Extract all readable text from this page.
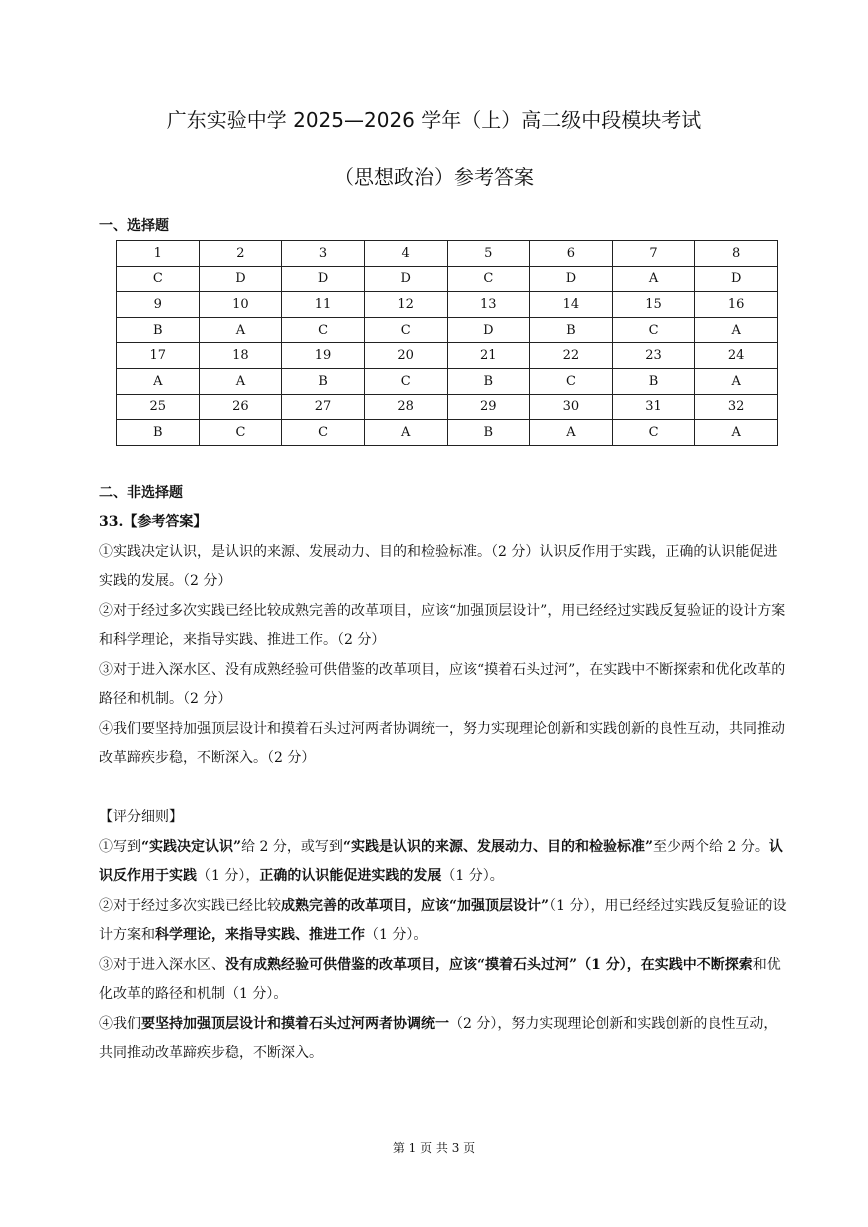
广东实验中学 2025—2026 学年（上）高二级中段模块考试
（思想政治）参考答案
一、选择题
1	2	3	4	5	6	7	8
C	D	D	D	C	D	A	D
9	10	11	12	13	14	15	16
B	A	C	C	D	B	C	A
17	18	19	20	21	22	23	24
A	A	B	C	B	C	B	A
25	26	27	28	29	30	31	32
B	C	C	A	B	A	C	A
二、非选择题

33.【参考答案】

①实践决定认识，是认识的来源、发展动力、目的和检验标准。（2 分）认识反作用于实践，正确的认识能促进实践的发展。（2 分）

②对于经过多次实践已经比较成熟完善的改革项目，应该“加强顶层设计”，用已经经过实践反复验证的设计方案和科学理论，来指导实践、推进工作。（2 分）

③对于进入深水区、没有成熟经验可供借鉴的改革项目，应该“摸着石头过河”，在实践中不断探索和优化改革的路径和机制。（2 分）

④我们要坚持加强顶层设计和摸着石头过河两者协调统一，努力实现理论创新和实践创新的良性互动，共同推动改革蹄疾步稳，不断深入。（2 分）

【评分细则】

①写到“实践决定认识”给 2 分，或写到“实践是认识的来源、发展动力、目的和检验标准”至少两个给 2 分。认识反作用于实践（1 分），正确的认识能促进实践的发展（1 分）。

②对于经过多次实践已经比较成熟完善的改革项目，应该“加强顶层设计”（1 分），用已经经过实践反复验证的设计方案和科学理论，来指导实践、推进工作（1 分）。

③对于进入深水区、没有成熟经验可供借鉴的改革项目，应该“摸着石头过河”（1 分），在实践中不断探索和优化改革的路径和机制（1 分）。

④我们要坚持加强顶层设计和摸着石头过河两者协调统一（2 分），努力实现理论创新和实践创新的良性互动，共同推动改革蹄疾步稳，不断深入。

第 1 页 共 3 页
